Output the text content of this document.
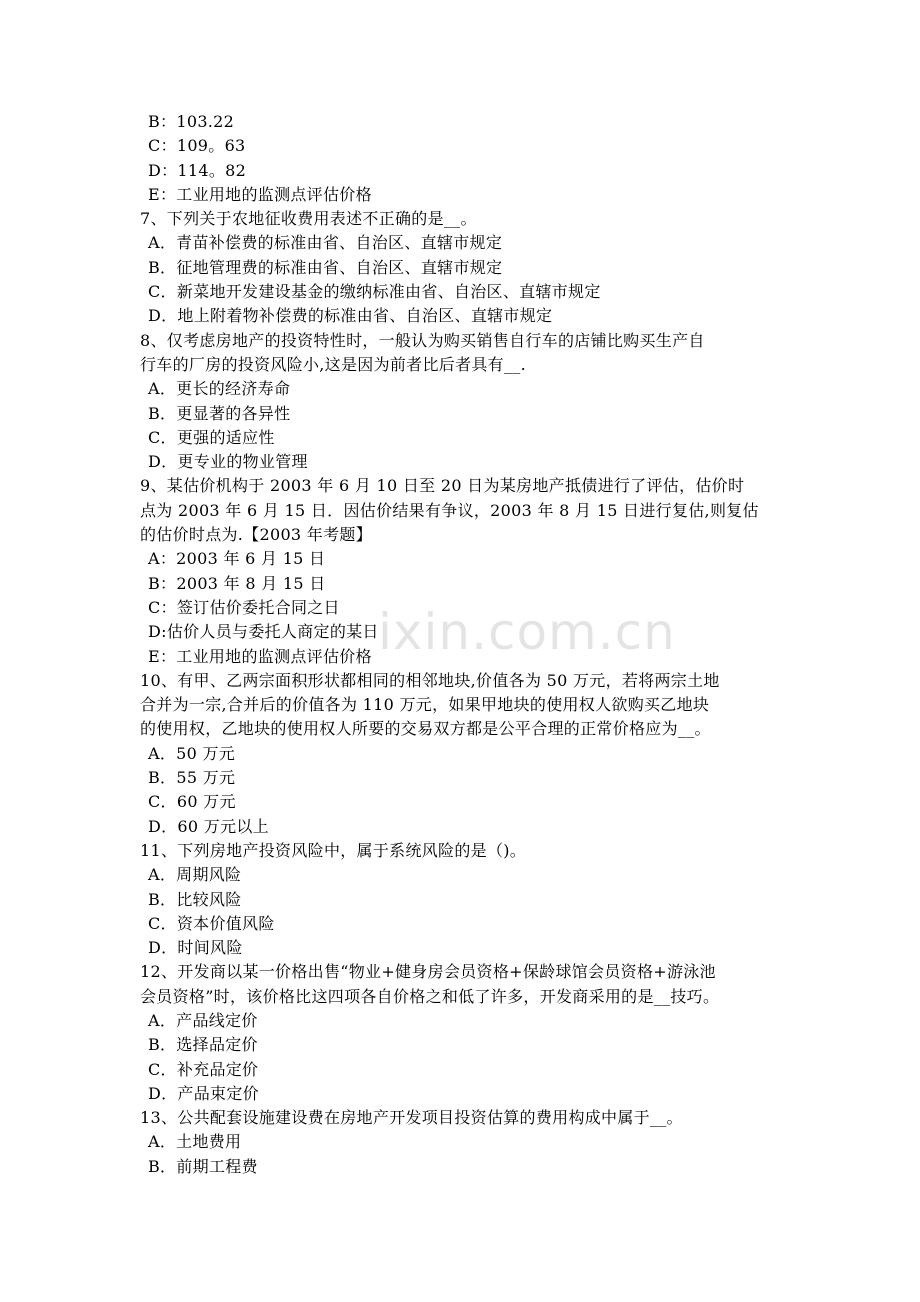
B：103.22
C：109。63
D：114。82
E：工业用地的监测点评估价格
7、下列关于农地征收费用表述不正确的是__。
A．青苗补偿费的标准由省、自治区、直辖市规定
B．征地管理费的标准由省、自治区、直辖市规定
C．新菜地开发建设基金的缴纳标准由省、自治区、直辖市规定
D．地上附着物补偿费的标准由省、自治区、直辖市规定
8、仅考虑房地产的投资特性时，一般认为购买销售自行车的店铺比购买生产自
行车的厂房的投资风险小,这是因为前者比后者具有__.
A．更长的经济寿命
B．更显著的各异性
C．更强的适应性
D．更专业的物业管理
9、某估价机构于 2003 年 6 月 10 日至 20 日为某房地产抵债进行了评估，估价时
点为 2003 年 6 月 15 日．因估价结果有争议，2003 年 8 月 15 日进行复估,则复估
的估价时点为.【2003 年考题】
A：2003 年 6 月 15 日
B：2003 年 8 月 15 日
C：签订估价委托合同之日
D:估价人员与委托人商定的某日
E：工业用地的监测点评估价格
10、有甲、乙两宗面积形状都相同的相邻地块,价值各为 50 万元，若将两宗土地
合并为一宗,合并后的价值各为 110 万元，如果甲地块的使用权人欲购买乙地块
的使用权，乙地块的使用权人所要的交易双方都是公平合理的正常价格应为__。
A．50 万元
B．55 万元
C．60 万元
D．60 万元以上
11、下列房地产投资风险中，属于系统风险的是（)。
A．周期风险
B．比较风险
C．资本价值风险
D．时间风险
12、开发商以某一价格出售“物业+健身房会员资格+保龄球馆会员资格+游泳池
会员资格”时，该价格比这四项各自价格之和低了许多，开发商采用的是__技巧。
A．产品线定价
B．选择品定价
C．补充品定价
D．产品束定价
13、公共配套设施建设费在房地产开发项目投资估算的费用构成中属于__。
A．土地费用
B．前期工程费
ixin.com.cn
